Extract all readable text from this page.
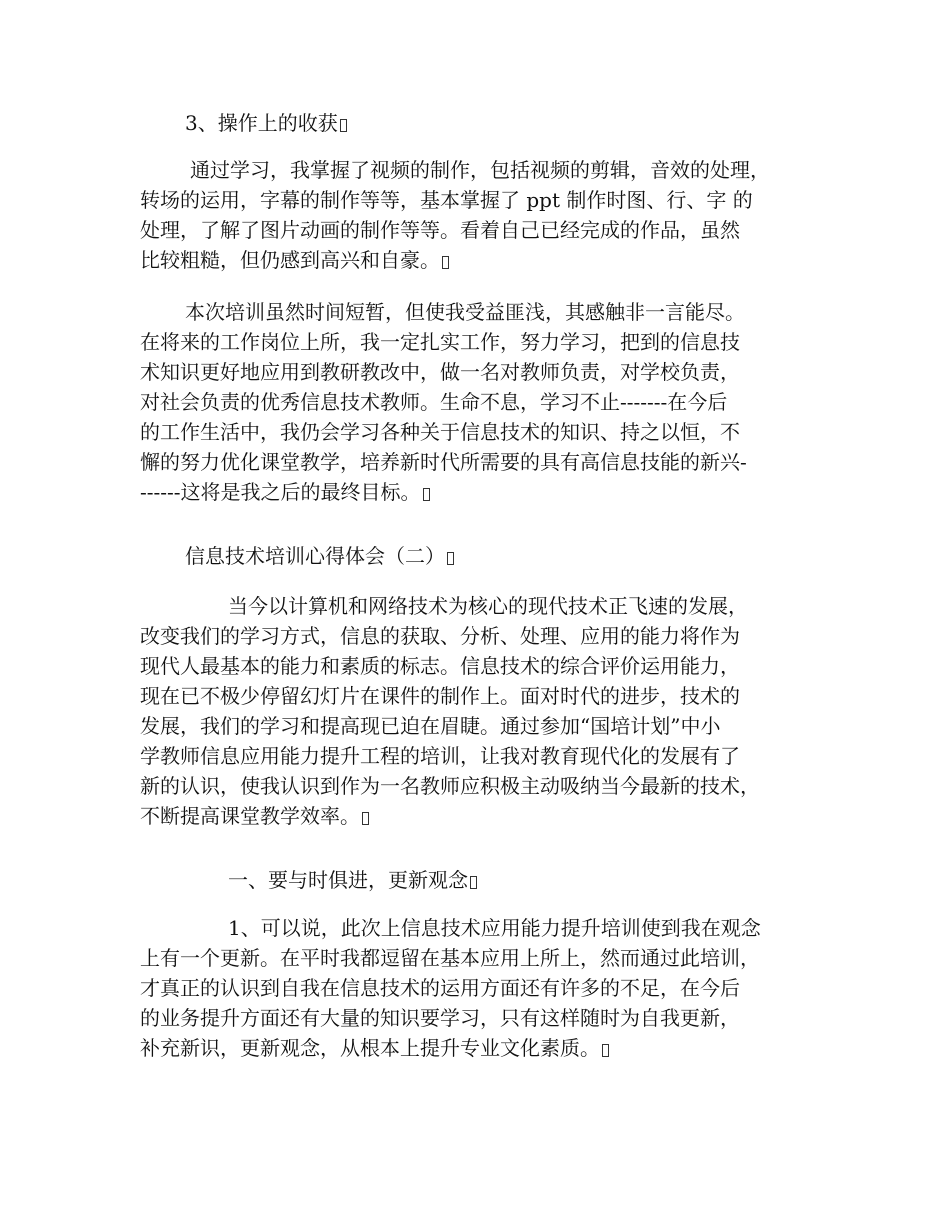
3、操作上的收获

通过学习，我掌握了视频的制作，包括视频的剪辑，音效的处理，
转场的运用，字幕的制作等等，基本掌握了 ppt 制作时图、行、字 的
处理，了解了图片动画的制作等等。看着自己已经完成的作品，虽然
比较粗糙，但仍感到高兴和自豪。

本次培训虽然时间短暂，但使我受益匪浅，其感触非一言能尽。
在将来的工作岗位上所，我一定扎实工作，努力学习，把到的信息技
术知识更好地应用到教研教改中，做一名对教师负责，对学校负责，
对社会负责的优秀信息技术教师。生命不息，学习不止-------在今后
的工作生活中，我仍会学习各种关于信息技术的知识、持之以恒，不
懈的努力优化课堂教学，培养新时代所需要的具有高信息技能的新兴-
------这将是我之后的最终目标。

信息技术培训心得体会（二）

当今以计算机和网络技术为核心的现代技术正飞速的发展，
改变我们的学习方式，信息的获取、分析、处理、应用的能力将作为
现代人最基本的能力和素质的标志。信息技术的综合评价运用能力，
现在已不极少停留幻灯片在课件的制作上。面对时代的进步，技术的
发展，我们的学习和提高现已迫在眉睫。通过参加“国培计划”中小
学教师信息应用能力提升工程的培训，让我对教育现代化的发展有了
新的认识，使我认识到作为一名教师应积极主动吸纳当今最新的技术，
不断提高课堂教学效率。

一、要与时俱进，更新观念

1、可以说，此次上信息技术应用能力提升培训使到我在观念
上有一个更新。在平时我都逗留在基本应用上所上，然而通过此培训，
才真正的认识到自我在信息技术的运用方面还有许多的不足，在今后
的业务提升方面还有大量的知识要学习，只有这样随时为自我更新，
补充新识，更新观念，从根本上提升专业文化素质。
